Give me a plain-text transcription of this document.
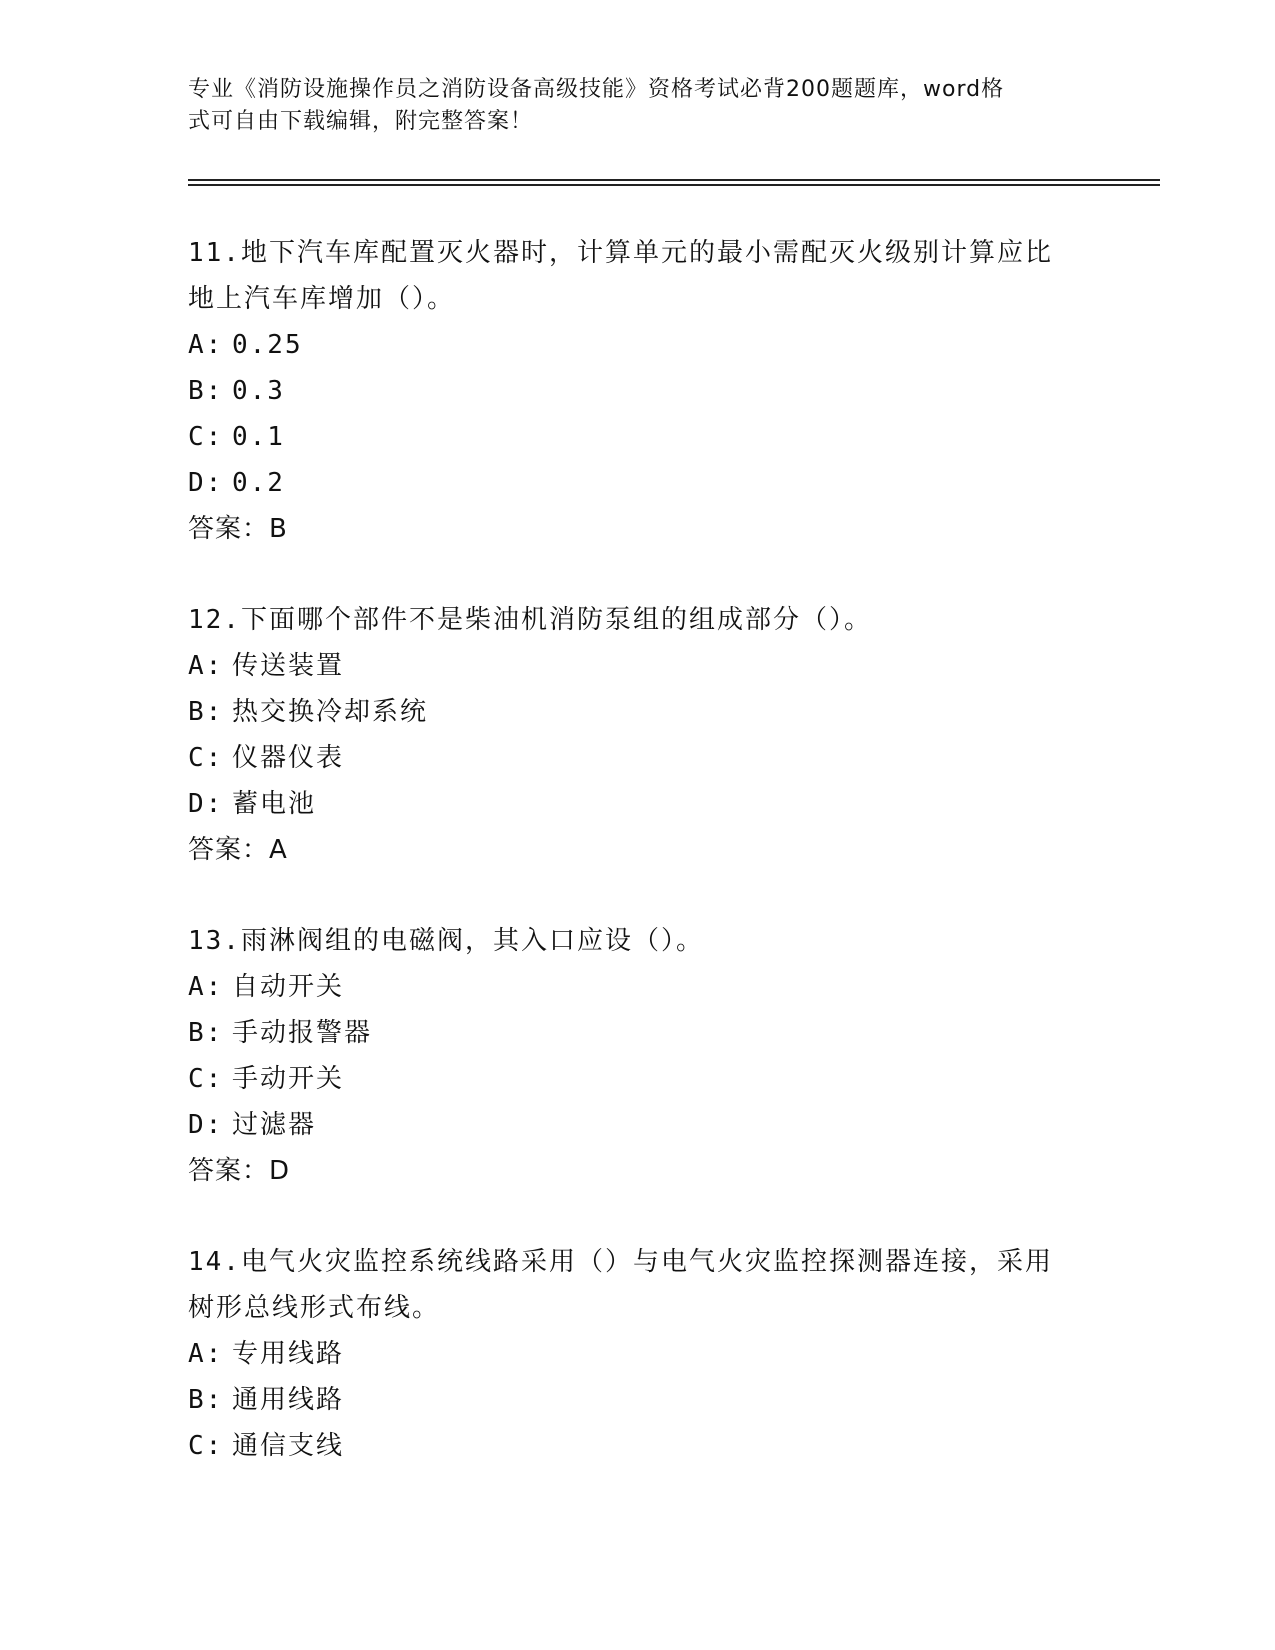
专业《消防设施操作员之消防设备高级技能》资格考试必背200题题库，word格
式可自由下载编辑，附完整答案！
11.地下汽车库配置灭火器时，计算单元的最小需配灭火级别计算应比
地上汽车库增加（）。
A: 0.25
B: 0.3
C: 0.1
D: 0.2
答案：B
12.下面哪个部件不是柴油机消防泵组的组成部分（）。
A: 传送装置
B: 热交换冷却系统
C: 仪器仪表
D: 蓄电池
答案：A
13.雨淋阀组的电磁阀，其入口应设（）。
A: 自动开关
B: 手动报警器
C: 手动开关
D: 过滤器
答案：D
14.电气火灾监控系统线路采用（）与电气火灾监控探测器连接，采用
树形总线形式布线。
A: 专用线路
B: 通用线路
C: 通信支线
